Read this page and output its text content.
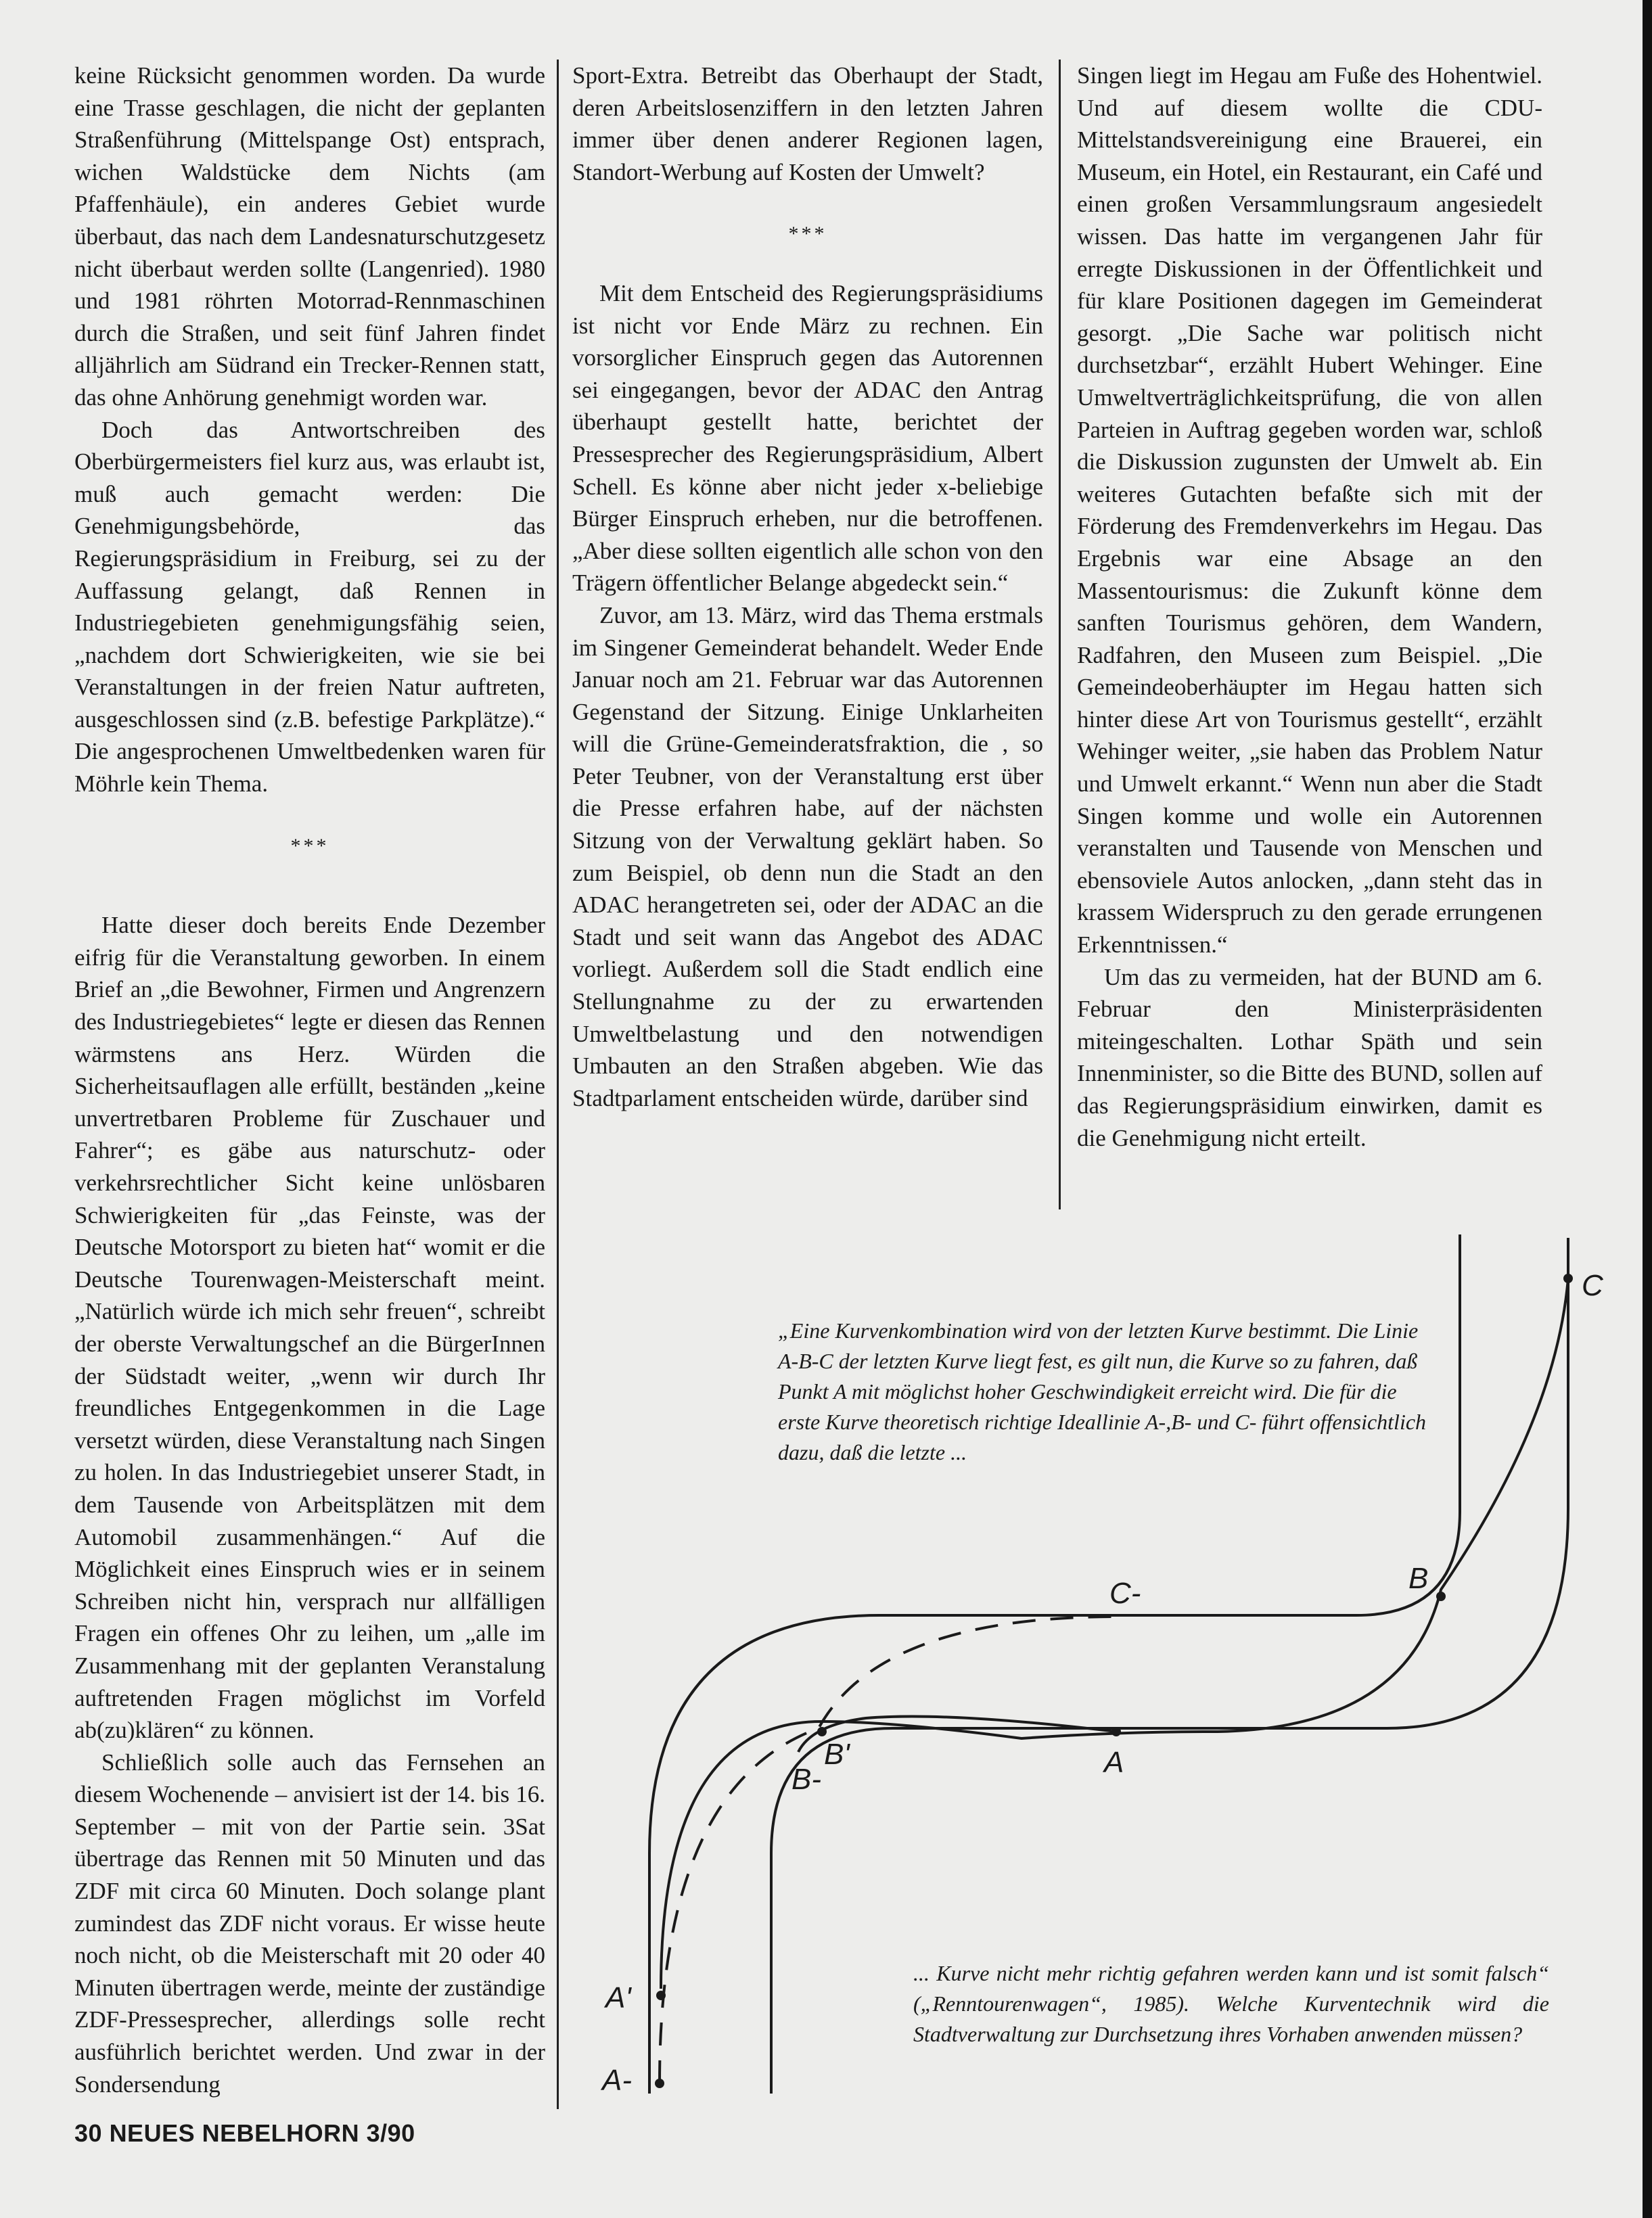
keine Rücksicht genommen worden. Da wurde eine Trasse geschlagen, die nicht der geplanten Straßenführung (Mittelspange Ost) entsprach, wichen Waldstücke dem Nichts (am Pfaffenhäule), ein anderes Gebiet wurde überbaut, das nach dem Landesnaturschutzgesetz nicht überbaut werden sollte (Langenried). 1980 und 1981 röhrten Motorrad-Rennmaschinen durch die Straßen, und seit fünf Jahren findet alljährlich am Südrand ein Trecker-Rennen statt, das ohne Anhörung genehmigt worden war.

Doch das Antwortschreiben des Oberbürgermeisters fiel kurz aus, was erlaubt ist, muß auch gemacht werden: Die Genehmigungsbehörde, das Regierungspräsidium in Freiburg, sei zu der Auffassung gelangt, daß Rennen in Industriegebieten genehmigungsfähig seien, „nachdem dort Schwierigkeiten, wie sie bei Veranstaltungen in der freien Natur auftreten, ausgeschlossen sind (z.B. befestige Parkplätze).“ Die angesprochenen Umweltbedenken waren für Möhrle kein Thema.

***

Hatte dieser doch bereits Ende Dezember eifrig für die Veranstaltung geworben. In einem Brief an „die Bewohner, Firmen und Angrenzern des Industriegebietes“ legte er diesen das Rennen wärmstens ans Herz. Würden die Sicherheitsauflagen alle erfüllt, beständen „keine unvertretbaren Probleme für Zuschauer und Fahrer“; es gäbe aus naturschutz- oder verkehrsrechtlicher Sicht keine unlösbaren Schwierigkeiten für „das Feinste, was der Deutsche Motorsport zu bieten hat“ womit er die Deutsche Tourenwagen-Meisterschaft meint. „Natürlich würde ich mich sehr freuen“, schreibt der oberste Verwaltungschef an die BürgerInnen der Südstadt weiter, „wenn wir durch Ihr freundliches Entgegenkommen in die Lage versetzt würden, diese Veranstaltung nach Singen zu holen. In das Industriegebiet unserer Stadt, in dem Tausende von Arbeitsplätzen mit dem Automobil zusammenhängen.“ Auf die Möglichkeit eines Einspruch wies er in seinem Schreiben nicht hin, versprach nur allfälligen Fragen ein offenes Ohr zu leihen, um „alle im Zusammenhang mit der geplanten Veranstalung auftretenden Fragen möglichst im Vorfeld ab(zu)klären“ zu können.

Schließlich solle auch das Fernsehen an diesem Wochenende – anvisiert ist der 14. bis 16. September – mit von der Partie sein. 3Sat übertrage das Rennen mit 50 Minuten und das ZDF mit circa 60 Minuten. Doch solange plant zumindest das ZDF nicht voraus. Er wisse heute noch nicht, ob die Meisterschaft mit 20 oder 40 Minuten übertragen werde, meinte der zuständige ZDF-Pressesprecher, allerdings solle recht ausführlich berichtet werden. Und zwar in der Sondersendung

Sport-Extra. Betreibt das Oberhaupt der Stadt, deren Arbeitslosenziffern in den letzten Jahren immer über denen anderer Regionen lagen, Standort-Werbung auf Kosten der Umwelt?

***

Mit dem Entscheid des Regierungspräsidiums ist nicht vor Ende März zu rechnen. Ein vorsorglicher Einspruch gegen das Autorennen sei eingegangen, bevor der ADAC den Antrag überhaupt gestellt hatte, berichtet der Pressesprecher des Regierungspräsidium, Albert Schell. Es könne aber nicht jeder x-beliebige Bürger Einspruch erheben, nur die betroffenen. „Aber diese sollten eigentlich alle schon von den Trägern öffentlicher Belange abgedeckt sein.“

Zuvor, am 13. März, wird das Thema erstmals im Singener Gemeinderat behandelt. Weder Ende Januar noch am 21. Februar war das Autorennen Gegenstand der Sitzung. Einige Unklarheiten will die Grüne-Gemeinderatsfraktion, die , so Peter Teubner, von der Veranstaltung erst über die Presse erfahren habe, auf der nächsten Sitzung von der Verwaltung geklärt haben. So zum Beispiel, ob denn nun die Stadt an den ADAC herangetreten sei, oder der ADAC an die Stadt und seit wann das Angebot des ADAC vorliegt. Außerdem soll die Stadt endlich eine Stellungnahme zu der zu erwartenden Umweltbelastung und den notwendigen Umbauten an den Straßen abgeben. Wie das Stadtparlament entscheiden würde, darüber sind

Singen liegt im Hegau am Fuße des Hohentwiel. Und auf diesem wollte die CDU-Mittelstandsvereinigung eine Brauerei, ein Museum, ein Hotel, ein Restaurant, ein Café und einen großen Versammlungsraum angesiedelt wissen. Das hatte im vergangenen Jahr für erregte Diskussionen in der Öffentlichkeit und für klare Positionen dagegen im Gemeinderat gesorgt. „Die Sache war politisch nicht durchsetzbar“, erzählt Hubert Wehinger. Eine Umweltverträglichkeitsprüfung, die von allen Parteien in Auftrag gegeben worden war, schloß die Diskussion zugunsten der Umwelt ab. Ein weiteres Gutachten befaßte sich mit der Förderung des Fremdenverkehrs im Hegau. Das Ergebnis war eine Absage an den Massentourismus: die Zukunft könne dem sanften Tourismus gehören, dem Wandern, Radfahren, den Museen zum Beispiel. „Die Gemeindeoberhäupter im Hegau hatten sich hinter diese Art von Tourismus gestellt“, erzählt Wehinger weiter, „sie haben das Problem Natur und Umwelt erkannt.“ Wenn nun aber die Stadt Singen komme und wolle ein Autorennen veranstalten und Tausende von Menschen und ebensoviele Autos anlocken, „dann steht das in krassem Widerspruch zu den gerade errungenen Erkenntnissen.“

Um das zu vermeiden, hat der BUND am 6. Februar den Ministerpräsidenten miteingeschalten. Lothar Späth und sein Innenminister, so die Bitte des BUND, sollen auf das Regierungspräsidium einwirken, damit es die Genehmigung nicht erteilt.

C
C-	B
B'
B-
A
A'
A-
„Eine Kurvenkombination wird von der letzten Kurve bestimmt. Die Linie A-B-C der letzten Kurve liegt fest, es gilt nun, die Kurve so zu fahren, daß Punkt A mit möglichst hoher Geschwindigkeit erreicht wird. Die für die erste Kurve theoretisch richtige Ideallinie A-,B- und C- führt offensichtlich dazu, daß die letzte ...
... Kurve nicht mehr richtig gefahren werden kann und ist somit falsch“ („Renntourenwagen“, 1985). Welche Kurventechnik wird die Stadtverwaltung zur Durchsetzung ihres Vorhaben anwenden müssen?
30 NEUES NEBELHORN 3/90
